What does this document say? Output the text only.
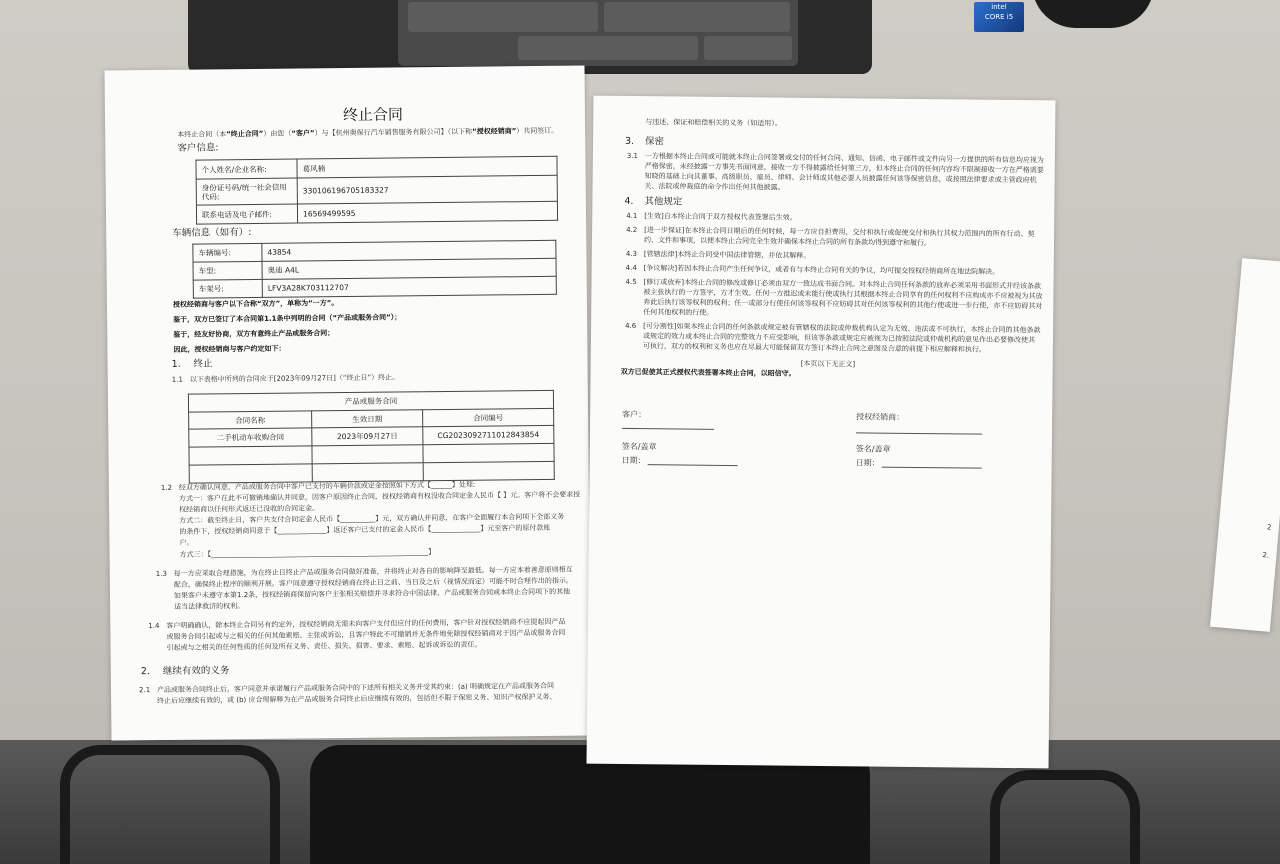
intel
CORE i5
终止合同
本终止合同（本“终止合同”）由您（“客户”）与【杭州奥保行汽车销售服务有限公司】（以下称“授权经销商”）共同签订。
客户信息:
个人姓名/企业名称:	葛风楠
身份证号码/统一社会信用代码:	330106196705183327
联系电话及电子邮件:	16569499595
车辆信息（如有）:
车辆编号:	43854
车型:	奥迪 A4L
车架号:	LFV3A28K703112707
授权经销商与客户以下合称“双方”，单称为“一方”。
鉴于，双方已签订了本合同第1.1条中列明的合同（“产品或服务合同”）；
鉴于，经友好协商，双方有意终止产品或服务合同；
因此，授权经销商与客户约定如下：
1. 终止
1.1 以下表格中所列的合同应于[2023年09月27日]（“终止日”）终止。
产品或服务合同		
合同名称	生效日期	合同编号
二手机动车收购合同	2023年09月27日	CG2023092711012843854

1.2 经双方确认同意，产品或服务合同中客户已支付的车辆价款或定金按照如下方式【______】处理:
方式一：客户在此不可撤销地确认并同意，因客户原因终止合同，授权经销商有权没收合同定金人民币【 】元。客户将不会要求授
权经销商以任何形式返还已没收的合同定金。
方式二：截至终止日，客户共支付合同定金人民币【__________】元，双方确认并同意，在客户全面履行本合同项下全部义务
的条件下，授权经销商同意于【______________】返还客户已支付的定金人民币【______________】元至客户的原付款账
户。
方式三：【______________________________________________________________】
1.3 每一方应采取合理措施，为在终止日终止产品或服务合同做好准备，并将终止对各自的影响降至最低。每一方应本着善意原则相互
配合，确保终止程序的顺利开展。客户同意遵守授权经销商在终止日之前、当日及之后（视情况而定）可能不时合理作出的指示。
如果客户未遵守本第1.2条，授权经销商保留向客户主张相关赔偿并寻求符合中国法律，产品或服务合同或本终止合同项下的其他
适当法律救济的权利。
1.4 客户明确确认，除本终止合同另有约定外，授权经销商无需未向客户支付但应付的任何费用，客户针对授权经销商不应提起因产品
或服务合同引起或与之相关的任何其他索赔、主张或诉讼，且客户特此不可撤销并无条件地免除授权经销商对于因产品或服务合同
引起或与之相关的任何性质的任何及所有义务、责任、损失、损害、要求、索赔、起诉或诉讼的责任。
2. 继续有效的义务
2.1 产品或服务合同终止后，客户同意并承诺履行产品或服务合同中的下述所有相关义务并受其约束：(a) 明确规定在产品或服务合同
终止后应继续有效的，或 (b) 应合理解释为在产品或服务合同终止后应继续有效的，包括但不限于保密义务、知识产权保护义务、
与违述、保证和赔偿相关的义务（如适用）。
3. 保密
3.1 一方根据本终止合同或可能就本终止合同签署或交付的任何合同、通知、信函、电子邮件或文件向另一方提供的所有信息均应视为
严格保密，未经披露一方事先书面同意，接收一方不得披露给任何第三方，但本终止合同的任何内容均不限制接收一方在严格需要
知晓的基础上向其董事、高级职员、雇员、律师、会计师或其他必要人员披露任何该等保密信息，或按照法律要求或主管政府机
关、法院或仲裁庭的命令作出任何其他披露。
4. 其他规定
4.1 [生效]自本终止合同于双方授权代表签署后生效。
4.2 [进一步保证]在本终止合同日期后的任何时候，每一方应自担费用，交付和执行或促使交付和执行其权力范围内的所有行动、契
约、文件和事项，以便本终止合同完全生效并确保本终止合同的所有条款均得到遵守和履行。
4.3 [管辖法律]本终止合同受中国法律管辖，并依其解释。
4.4 [争议解决]若因本终止合同产生任何争议，或者有与本终止合同有关的争议，均可提交授权经销商所在地法院解决。
4.5 [修订或放弃]本终止合同的修改或修订必须由双方一致达成书面合同。对本终止合同任何条款的放弃必须采用书面形式并经该条款
被主张执行的一方签字，方才生效。任何一方推迟或未能行使或执行其根据本终止合同享有的任何权利不应构成亦不应被视为其放
弃此后执行该等权利的权利；任一或部分行使任何该等权利不应妨碍其对任何该等权利的其他行使或进一步行使，亦不应妨碍其对
任何其他权利的行使。
4.6 [可分割性]如果本终止合同的任何条款或规定被有管辖权的法院或仲裁机构认定为无效、违法或不可执行，本终止合同的其他条款
或规定的效力或本终止合同的完整效力不应受影响，但该等条款或规定应被视为已按照法院或仲裁机构的意见作出必要修改使其
可执行，双方的权利和义务也应在尽最大可能保留双方签订本终止合同之意图及合意的前提下相应解释和执行。
[本页以下无正文]
双方已促使其正式授权代表签署本终止合同，以昭信守。
客户：
签名/盖章
日期：
授权经销商：
签名/盖章
日期：
2
2.
